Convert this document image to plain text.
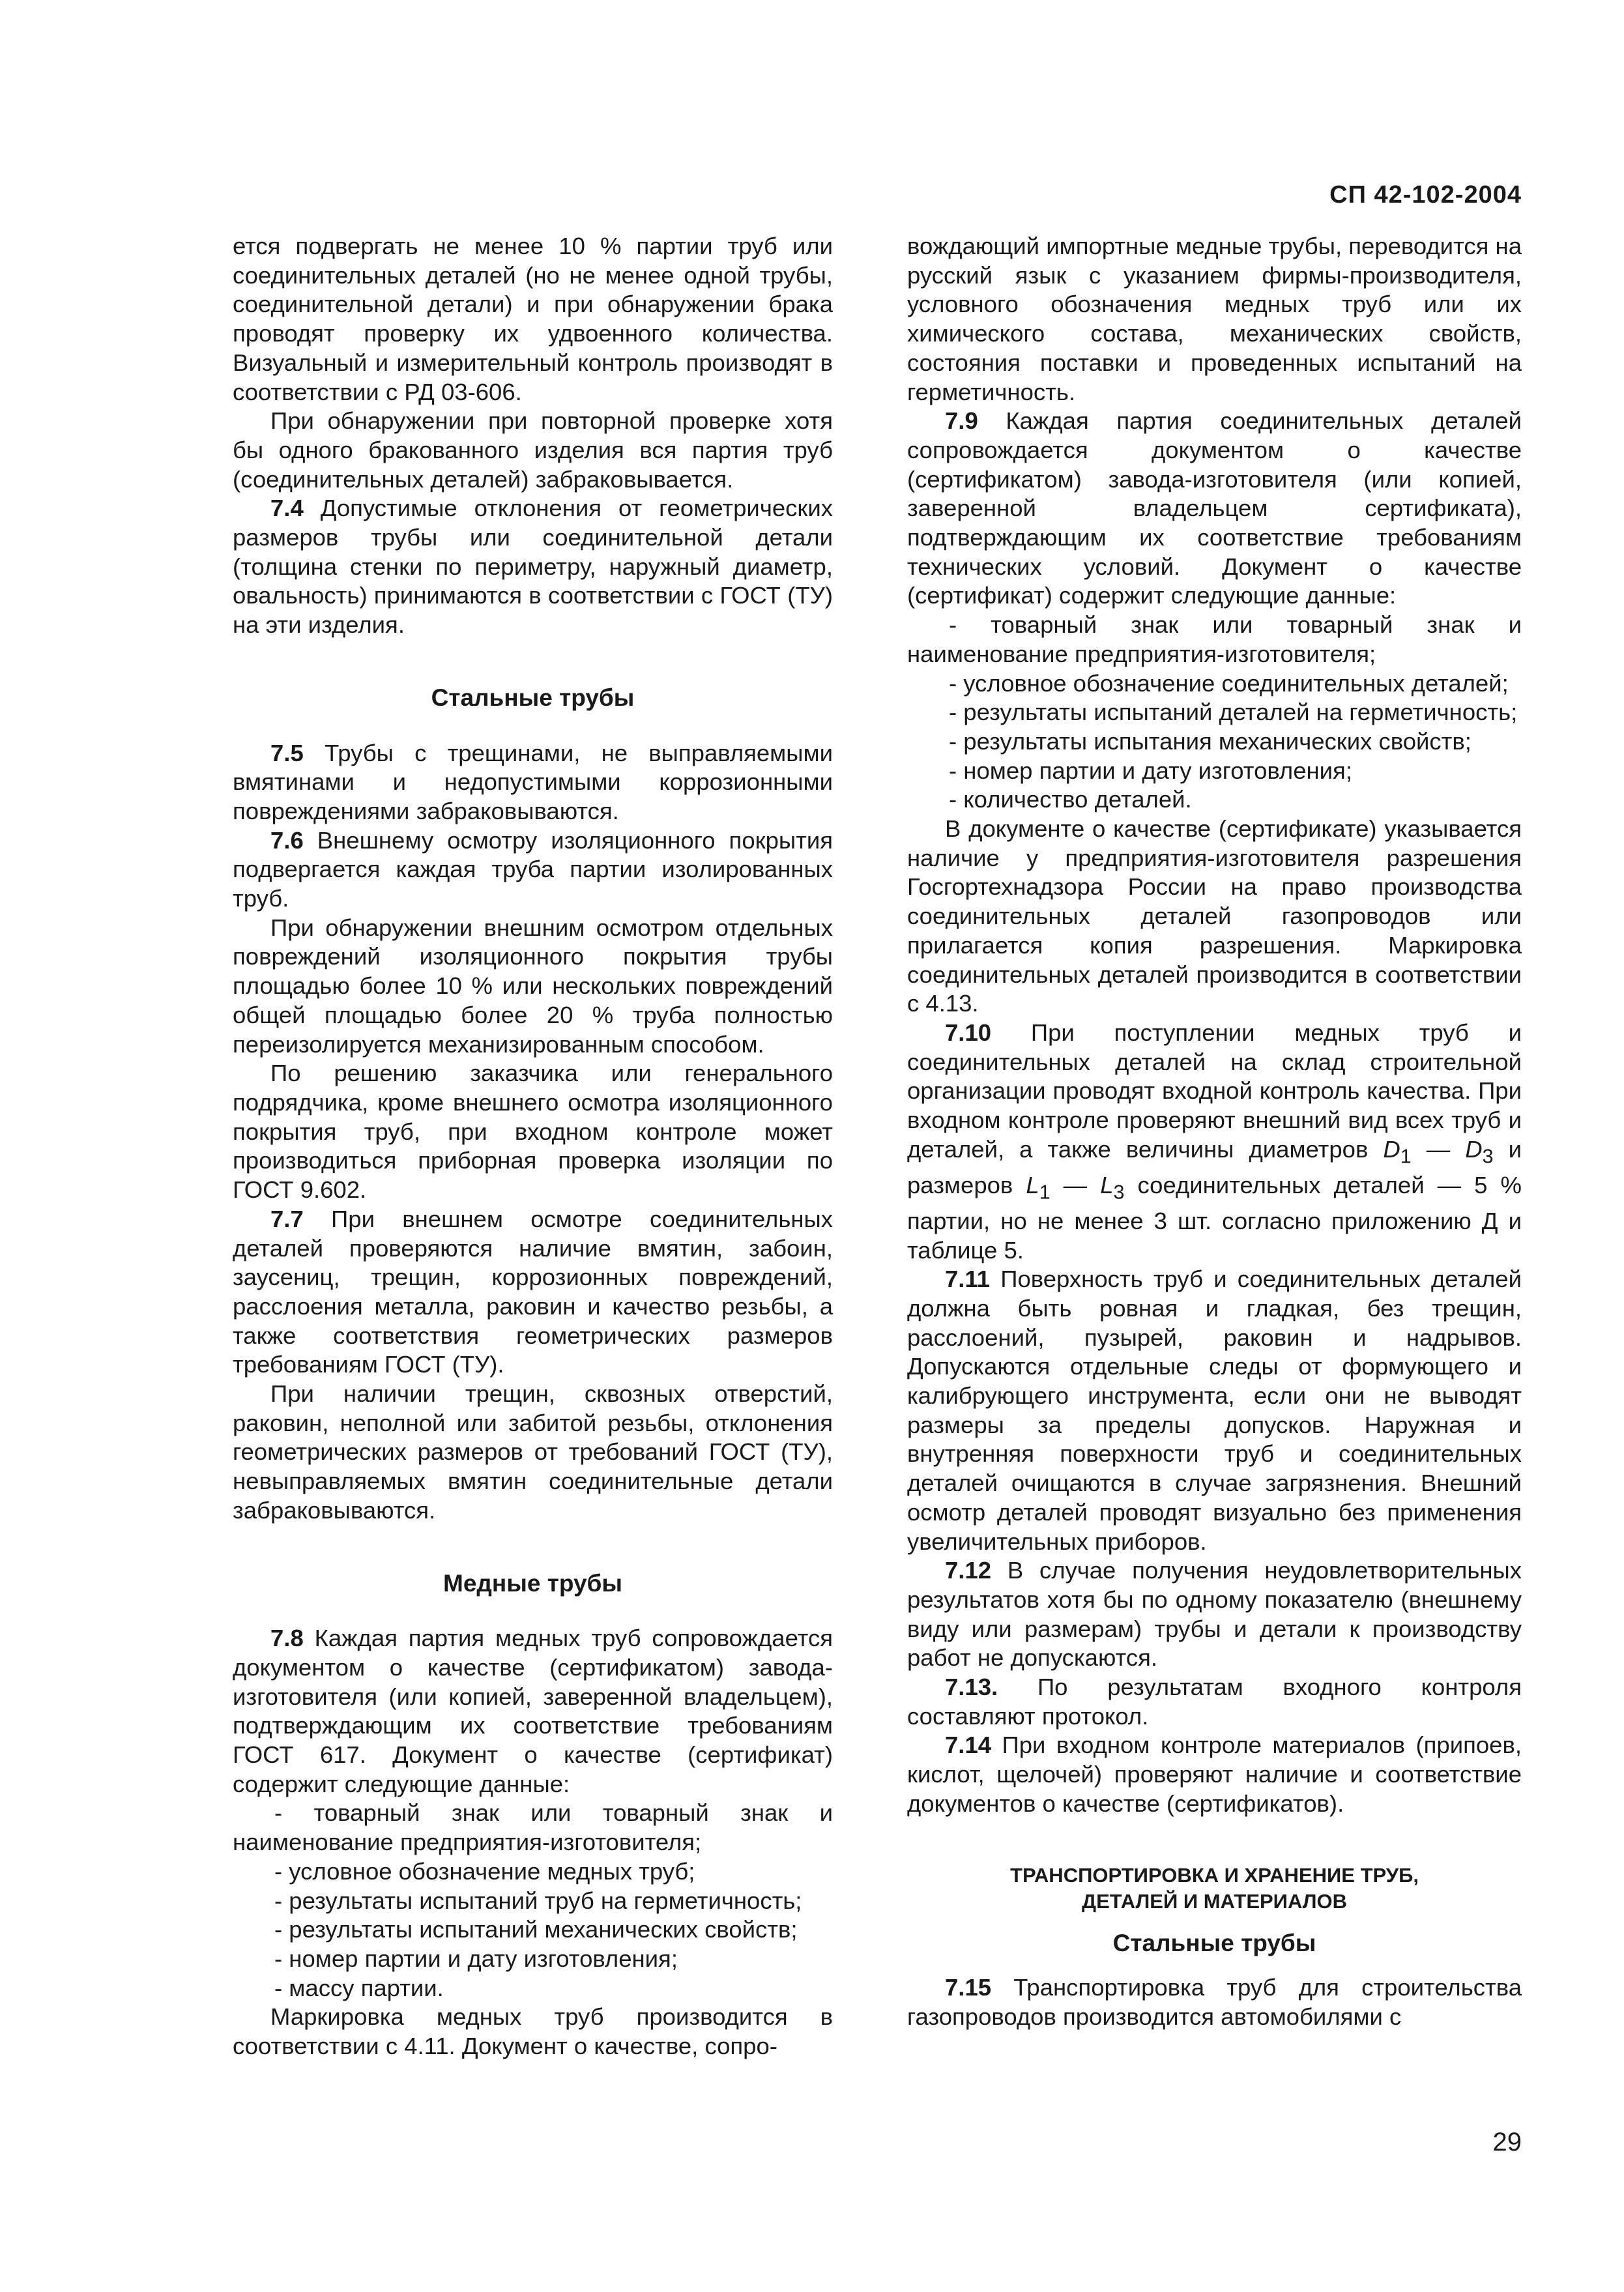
СП 42-102-2004

ется подвергать не менее 10 % партии труб или соединительных деталей (но не менее одной трубы, соединительной детали) и при обнаружении брака проводят проверку их удвоенного количества. Визуальный и измерительный контроль производят в соответствии с РД 03-606.

При обнаружении при повторной проверке хотя бы одного бракованного изделия вся партия труб (соединительных деталей) забраковывается.

7.4 Допустимые отклонения от геометрических размеров трубы или соединительной детали (толщина стенки по периметру, наружный диаметр, овальность) принимаются в соответствии с ГОСТ (ТУ) на эти изделия.

Стальные трубы

7.5 Трубы с трещинами, не выправляемыми вмятинами и недопустимыми коррозионными повреждениями забраковываются.

7.6 Внешнему осмотру изоляционного покрытия подвергается каждая труба партии изолированных труб.

При обнаружении внешним осмотром отдельных повреждений изоляционного покрытия трубы площадью более 10 % или нескольких повреждений общей площадью более 20 % труба полностью переизолируется механизированным способом.

По решению заказчика или генерального подрядчика, кроме внешнего осмотра изоляционного покрытия труб, при входном контроле может производиться приборная проверка изоляции по ГОСТ 9.602.

7.7 При внешнем осмотре соединительных деталей проверяются наличие вмятин, забоин, заусениц, трещин, коррозионных повреждений, расслоения металла, раковин и качество резьбы, а также соответствия геометрических размеров требованиям ГОСТ (ТУ).

При наличии трещин, сквозных отверстий, раковин, неполной или забитой резьбы, отклонения геометрических размеров от требований ГОСТ (ТУ), невыправляемых вмятин соединительные детали забраковываются.

Медные трубы

7.8 Каждая партия медных труб сопровождается документом о качестве (сертификатом) завода-изготовителя (или копией, заверенной владельцем), подтверждающим их соответствие требованиям ГОСТ 617. Документ о качестве (сертификат) содержит следующие данные:

- товарный знак или товарный знак и наименование предприятия-изготовителя;

- условное обозначение медных труб;

- результаты испытаний труб на герметичность;

- результаты испытаний механических свойств;

- номер партии и дату изготовления;

- массу партии.

Маркировка медных труб производится в соответствии с 4.11. Документ о качестве, сопро-

вождающий импортные медные трубы, переводится на русский язык с указанием фирмы-производителя, условного обозначения медных труб или их химического состава, механических свойств, состояния поставки и проведенных испытаний на герметичность.

7.9 Каждая партия соединительных деталей сопровождается документом о качестве (сертификатом) завода-изготовителя (или копией, заверенной владельцем сертификата), подтверждающим их соответствие требованиям технических условий. Документ о качестве (сертификат) содержит следующие данные:

- товарный знак или товарный знак и наименование предприятия-изготовителя;

- условное обозначение соединительных деталей;

- результаты испытаний деталей на герметичность;

- результаты испытания механических свойств;

- номер партии и дату изготовления;

- количество деталей.

В документе о качестве (сертификате) указывается наличие у предприятия-изготовителя разрешения Госгортехнадзора России на право производства соединительных деталей газопроводов или прилагается копия разрешения. Маркировка соединительных деталей производится в соответствии с 4.13.

7.10 При поступлении медных труб и соединительных деталей на склад строительной организации проводят входной контроль качества. При входном контроле проверяют внешний вид всех труб и деталей, а также величины диаметров $D_1$ — $D_3$ и размеров $L_1$ — $L_3$ соединительных деталей — 5 % партии, но не менее 3 шт. согласно приложению Д и таблице 5.

7.11 Поверхность труб и соединительных деталей должна быть ровная и гладкая, без трещин, расслоений, пузырей, раковин и надрывов. Допускаются отдельные следы от формующего и калибрующего инструмента, если они не выводят размеры за пределы допусков. Наружная и внутренняя поверхности труб и соединительных деталей очищаются в случае загрязнения. Внешний осмотр деталей проводят визуально без применения увеличительных приборов.

7.12 В случае получения неудовлетворительных результатов хотя бы по одному показателю (внешнему виду или размерам) трубы и детали к производству работ не допускаются.

7.13. По результатам входного контроля составляют протокол.

7.14 При входном контроле материалов (припоев, кислот, щелочей) проверяют наличие и соответствие документов о качестве (сертификатов).

ТРАНСПОРТИРОВКА И ХРАНЕНИЕ ТРУБ,
ДЕТАЛЕЙ И МАТЕРИАЛОВ

Стальные трубы

7.15 Транспортировка труб для строительства газопроводов производится автомобилями с

29
